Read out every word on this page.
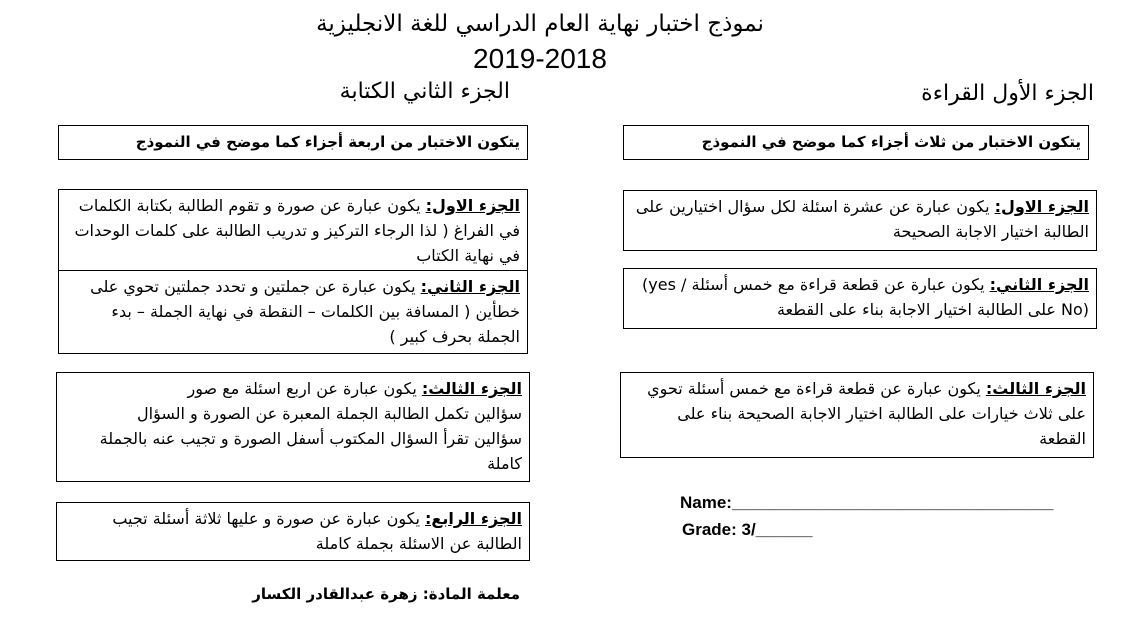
نموذج اختبار نهاية العام الدراسي للغة الانجليزية
2019-2018
الجزء الأول القراءة
الجزء الثاني الكتابة
يتكون الاختبار من ثلاث أجزاء كما موضح في النموذج
الجزء الاول: يكون عبارة عن عشرة اسئلة لكل سؤال اختيارين على الطالبة اختيار الاجابة الصحيحة
الجزء الثاني: يكون عبارة عن قطعة قراءة مع خمس أسئلة (yes / No) على الطالبة اختيار الاجابة بناء على القطعة
الجزء الثالث: يكون عبارة عن قطعة قراءة مع خمس أسئلة تحوي على ثلاث خيارات على الطالبة اختيار الاجابة الصحيحة بناء على القطعة
يتكون الاختبار من اربعة أجزاء كما موضح في النموذج
الجزء الاول: يكون عبارة عن صورة و تقوم الطالبة بكتابة الكلمات في الفراغ ( لذا الرجاء التركيز و تدريب الطالبة على كلمات الوحدات في نهاية الكتاب
الجزء الثاني: يكون عبارة عن جملتين و تحدد جملتين تحوي على خطأين ( المسافة بين الكلمات – النقطة في نهاية الجملة – بدء الجملة بحرف كبير )
الجزء الثالث: يكون عبارة عن اربع اسئلة مع صور
سؤالين تكمل الطالبة الجملة المعبرة عن الصورة و السؤال
سؤالين تقرأ السؤال المكتوب أسفل الصورة و تجيب عنه بالجملة كاملة
الجزء الرابع: يكون عبارة عن صورة و عليها ثلاثة أسئلة تجيب الطالبة عن الاسئلة بجملة كاملة
Name:__________________________________
Grade: 3/______
معلمة المادة: زهرة عبدالقادر الكسار
